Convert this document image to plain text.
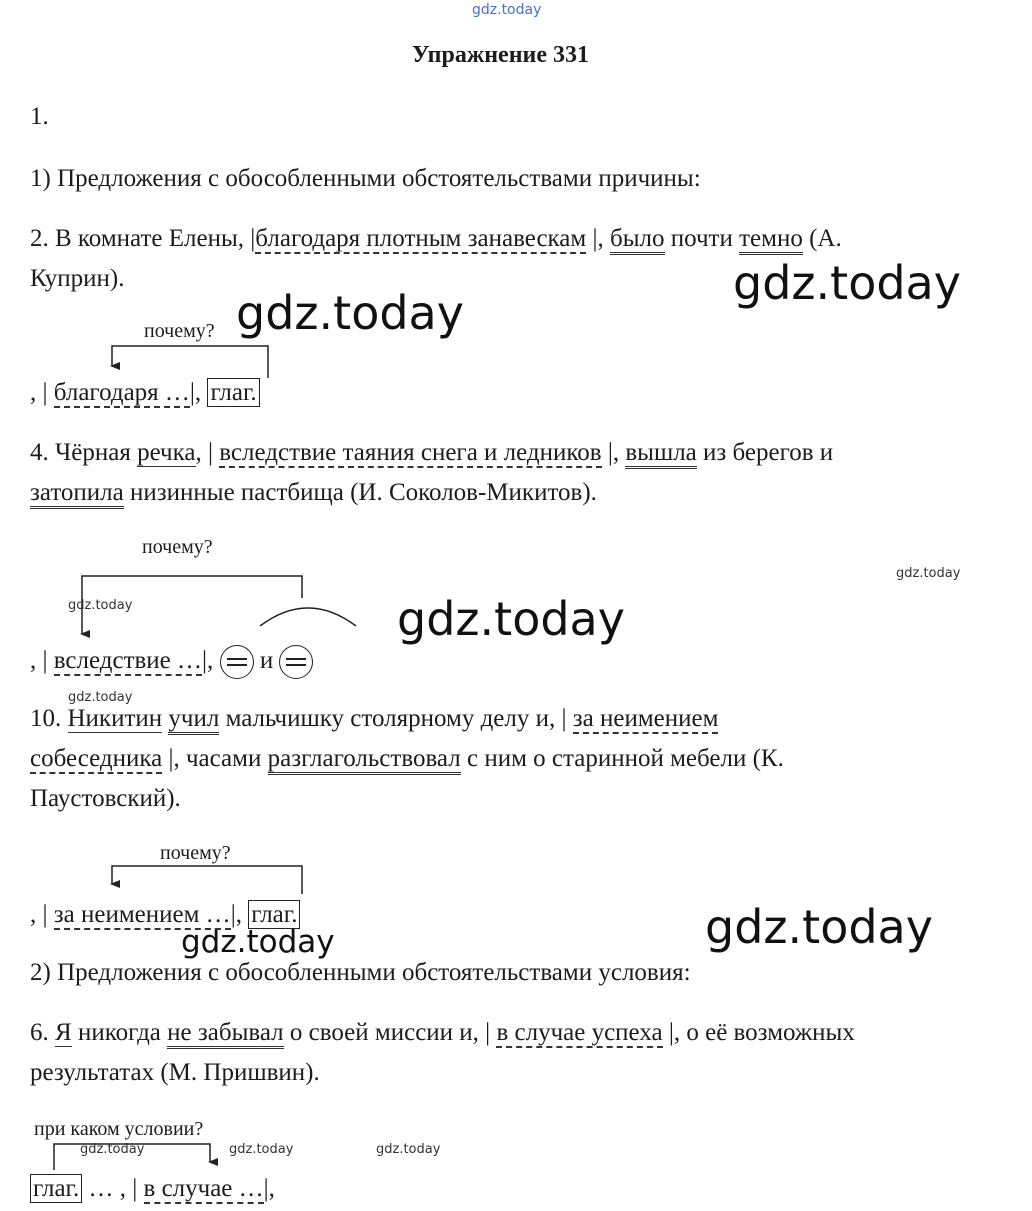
gdz.today
gdz.today
gdz.today
gdz.today
gdz.today
gdz.today
gdz.today
gdz.today
gdz.today
gdz.today	gdz.today	gdz.today
Упражнение 331
1.
1) Предложения с обособленными обстоятельствами причины:
2. В комнате Елены, |благодаря плотным занавескам |, было почти темно (А.
Куприн).
почему?
, | благодаря …|, глаг.
4. Чёрная речка, | вследствие таяния снега и ледников |, вышла из берегов и
затопила низинные пастбища (И. Соколов-Микитов).
почему?
, | вследствие …|, и
10. Никитин учил мальчишку столярному делу и, | за неимением
собеседника |, часами разглагольствовал с ним о старинной мебели (К.
Паустовский).
почему?
, | за неимением …|, глаг.
2) Предложения с обособленными обстоятельствами условия:
6. Я никогда не забывал о своей миссии и, | в случае успеха |, о её возможных
результатах (М. Пришвин).
при каком условии?
глаг. … , | в случае …|,
